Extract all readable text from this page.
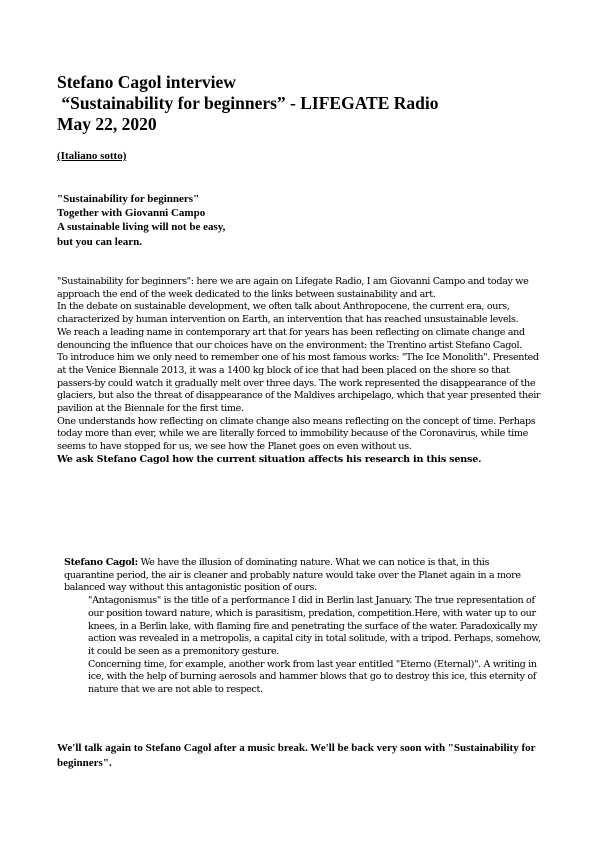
Stefano Cagol interview
“Sustainability for beginners” - LIFEGATE Radio
May 22, 2020
(Italiano sotto)
"Sustainability for beginners"
Together with Giovanni Campo
A sustainable living will not be easy,
but you can learn.

"Sustainability for beginners": here we are again on Lifegate Radio, I am Giovanni Campo and today we approach the end of the week dedicated to the links between sustainability and art.

In the debate on sustainable development, we often talk about Anthropocene, the current era, ours, characterized by human intervention on Earth, an intervention that has reached unsustainable levels.

We reach a leading name in contemporary art that for years has been reflecting on climate change and denouncing the influence that our choices have on the environment: the Trentino artist Stefano Cagol.

To introduce him we only need to remember one of his most famous works: "The Ice Monolith". Presented at the Venice Biennale 2013, it was a 1400 kg block of ice that had been placed on the shore so that passers-by could watch it gradually melt over three days. The work represented the disappearance of the glaciers, but also the threat of disappearance of the Maldives archipelago, which that year presented their pavilion at the Biennale for the first time.

One understands how reflecting on climate change also means reflecting on the concept of time. Perhaps today more than ever, while we are literally forced to immobility because of the Coronavirus, while time seems to have stopped for us, we see how the Planet goes on even without us.

We ask Stefano Cagol how the current situation affects his research in this sense.

Stefano Cagol: We have the illusion of dominating nature. What we can notice is that, in this quarantine period, the air is cleaner and probably nature would take over the Planet again in a more balanced way without this antagonistic position of ours.

"Antagonismus" is the title of a performance I did in Berlin last January. The true representation of our position toward nature, which is parasitism, predation, competition.Here, with water up to our knees, in a Berlin lake, with flaming fire and penetrating the surface of the water. Paradoxically my action was revealed in a metropolis, a capital city in total solitude, with a tripod. Perhaps, somehow, it could be seen as a premonitory gesture.

Concerning time, for example, another work from last year entitled "Eterno (Eternal)". A writing in ice, with the help of burning aerosols and hammer blows that go to destroy this ice, this eternity of nature that we are not able to respect.

We'll talk again to Stefano Cagol after a music break. We'll be back very soon with "Sustainability for beginners".
